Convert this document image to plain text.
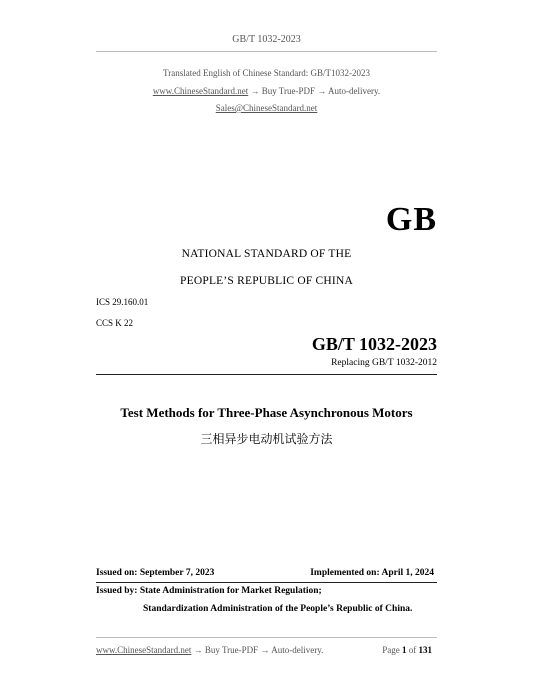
GB/T 1032-2023
Translated English of Chinese Standard: GB/T1032-2023
www.ChineseStandard.net → Buy True-PDF → Auto-delivery.
Sales@ChineseStandard.net
GB
NATIONAL STANDARD OF THE
PEOPLE’S REPUBLIC OF CHINA
ICS 29.160.01
CCS K 22
GB/T 1032-2023
Replacing GB/T 1032-2012
Test Methods for Three-Phase Asynchronous Motors
三相异步电动机试验方法
Issued on: September 7, 2023	Implemented on: April 1, 2024
Issued by: State Administration for Market Regulation;
Standardization Administration of the People’s Republic of China.
www.ChineseStandard.net → Buy True-PDF → Auto-delivery.	Page 1 of 131
